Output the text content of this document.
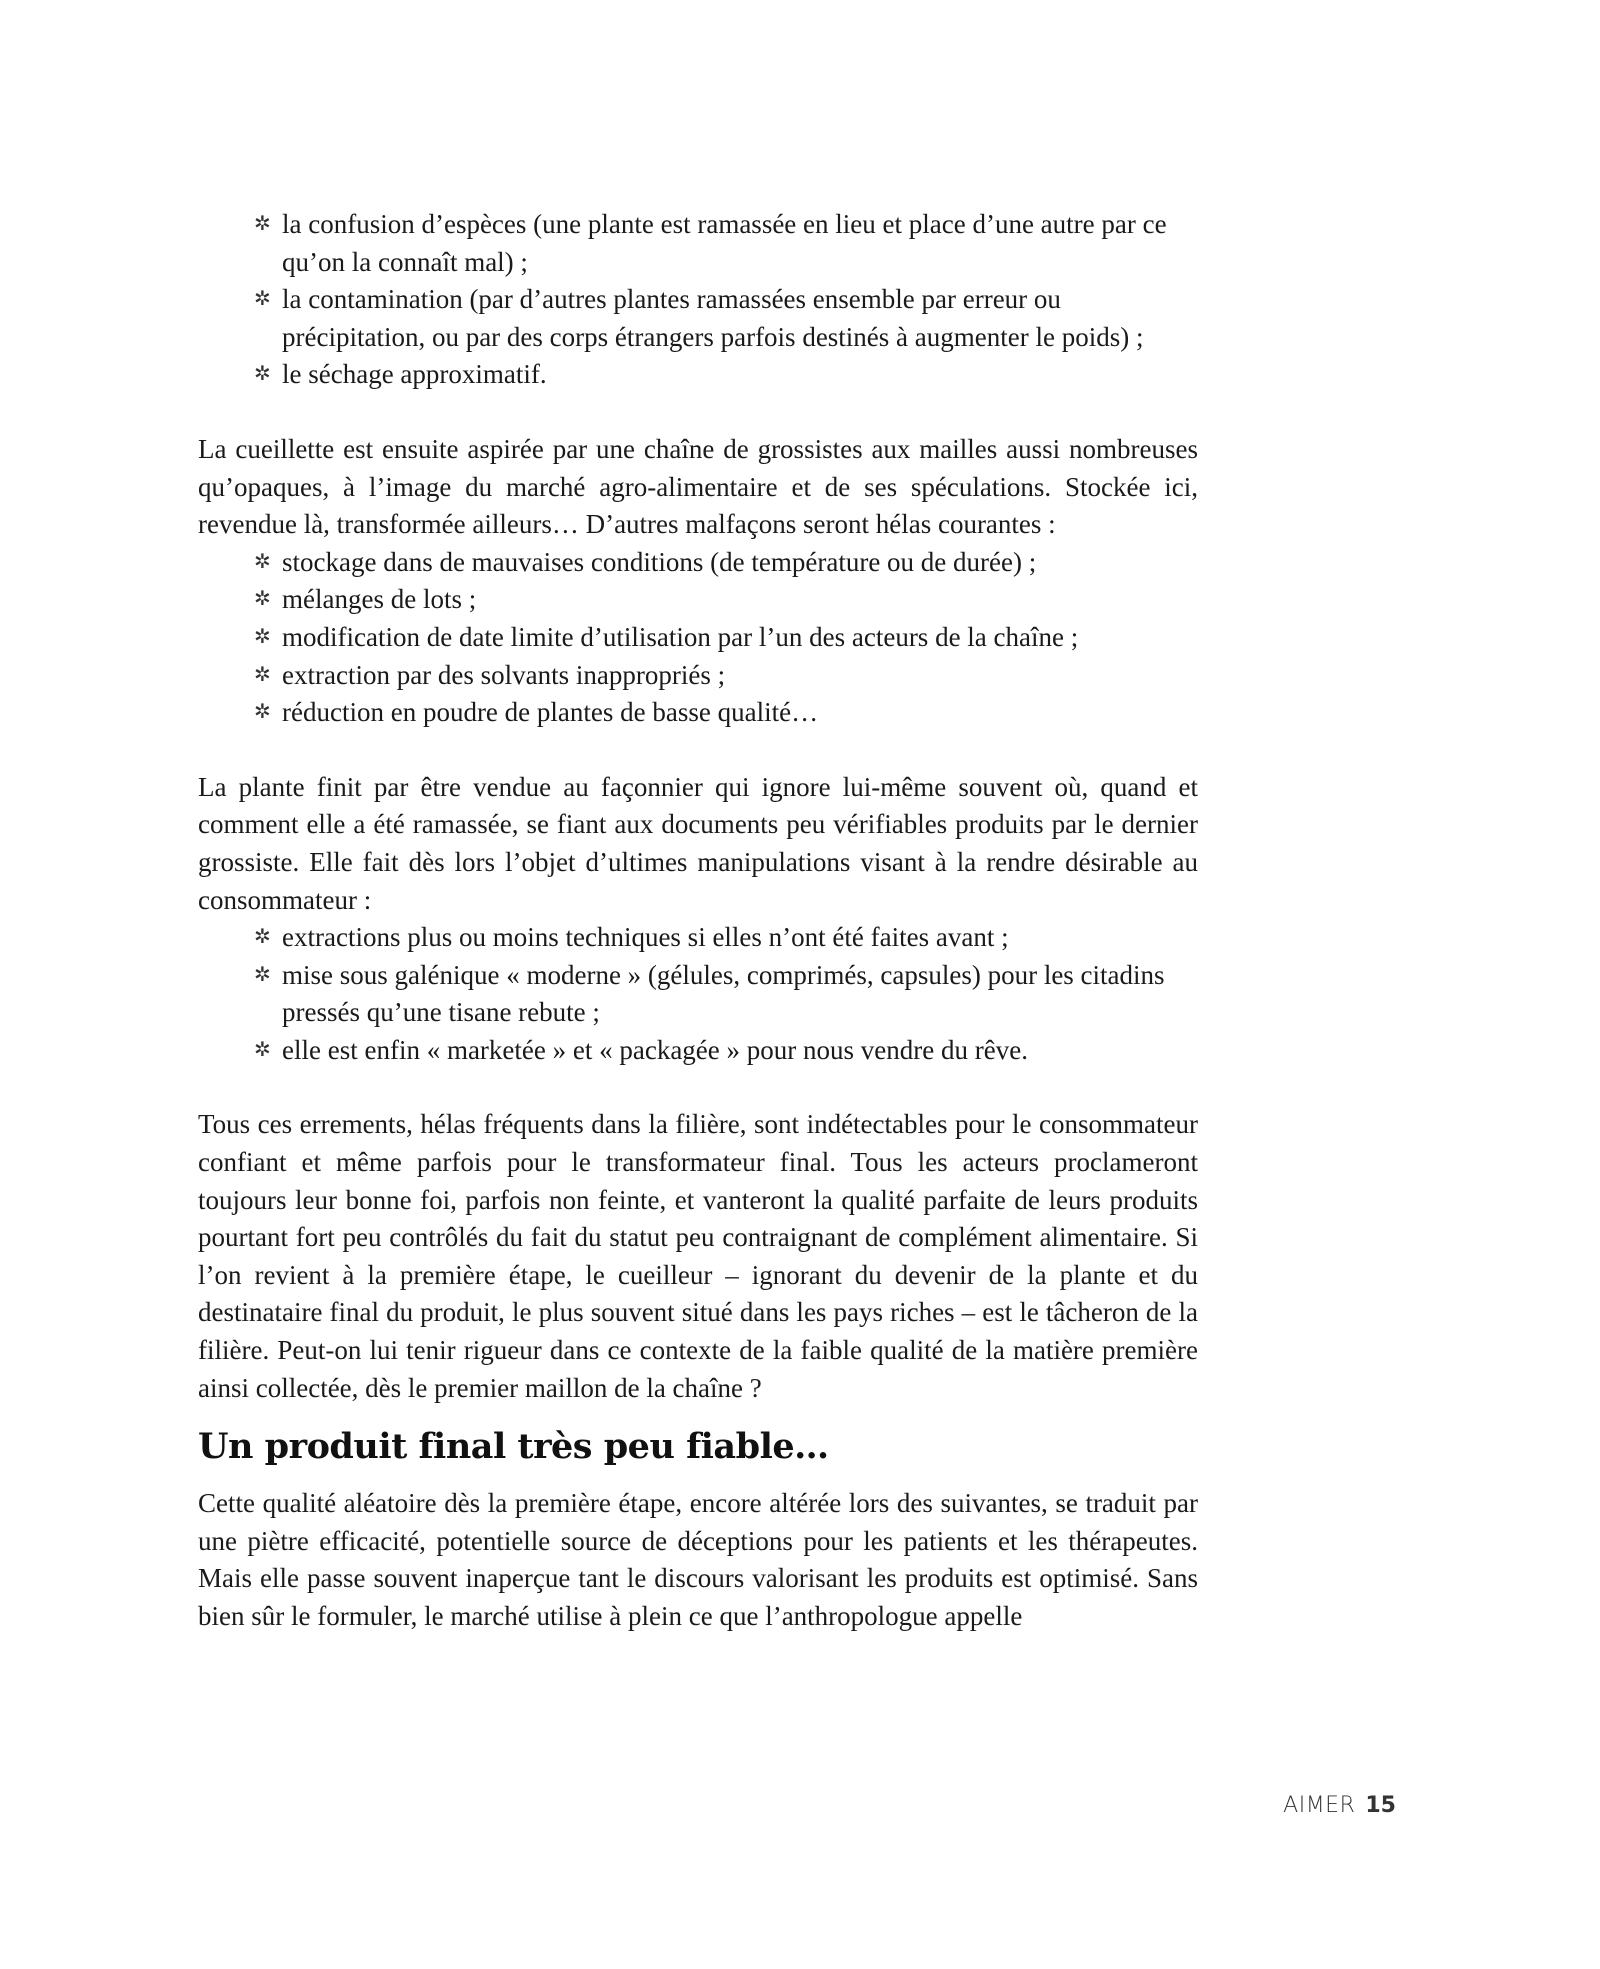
✲ la confusion d’espèces (une plante est ramassée en lieu et place d’une autre par ce qu’on la connaît mal) ;
✲ la contamination (par d’autres plantes ramassées ensemble par erreur ou précipitation, ou par des corps étrangers parfois destinés à augmenter le poids) ;
✲ le séchage approximatif.

La cueillette est ensuite aspirée par une chaîne de grossistes aux mailles aussi nombreuses qu’opaques, à l’image du marché agro-alimentaire et de ses spéculations. Stockée ici, revendue là, transformée ailleurs… D’autres malfaçons seront hélas courantes :

✲ stockage dans de mauvaises conditions (de température ou de durée) ;
✲ mélanges de lots ;
✲ modification de date limite d’utilisation par l’un des acteurs de la chaîne ;
✲ extraction par des solvants inappropriés ;
✲ réduction en poudre de plantes de basse qualité…

La plante finit par être vendue au façonnier qui ignore lui-même souvent où, quand et comment elle a été ramassée, se fiant aux documents peu vérifiables produits par le dernier grossiste. Elle fait dès lors l’objet d’ultimes manipulations visant à la rendre désirable au consommateur :

✲ extractions plus ou moins techniques si elles n’ont été faites avant ;
✲ mise sous galénique « moderne » (gélules, comprimés, capsules) pour les citadins pressés qu’une tisane rebute ;
✲ elle est enfin « marketée » et « packagée » pour nous vendre du rêve.

Tous ces errements, hélas fréquents dans la filière, sont indétectables pour le consommateur confiant et même parfois pour le transformateur final. Tous les acteurs proclameront toujours leur bonne foi, parfois non feinte, et vanteront la qualité parfaite de leurs produits pourtant fort peu contrôlés du fait du statut peu contraignant de complément alimentaire. Si l’on revient à la première étape, le cueilleur – ignorant du devenir de la plante et du destinataire final du produit, le plus souvent situé dans les pays riches – est le tâcheron de la filière. Peut-on lui tenir rigueur dans ce contexte de la faible qualité de la matière première ainsi collectée, dès le premier maillon de la chaîne ?

Un produit final très peu fiable…

Cette qualité aléatoire dès la première étape, encore altérée lors des suivantes, se traduit par une piètre efficacité, potentielle source de déceptions pour les patients et les thérapeutes. Mais elle passe souvent inaperçue tant le discours valorisant les produits est optimisé. Sans bien sûr le formuler, le marché utilise à plein ce que l’anthropologue appelle

AIMER 15
